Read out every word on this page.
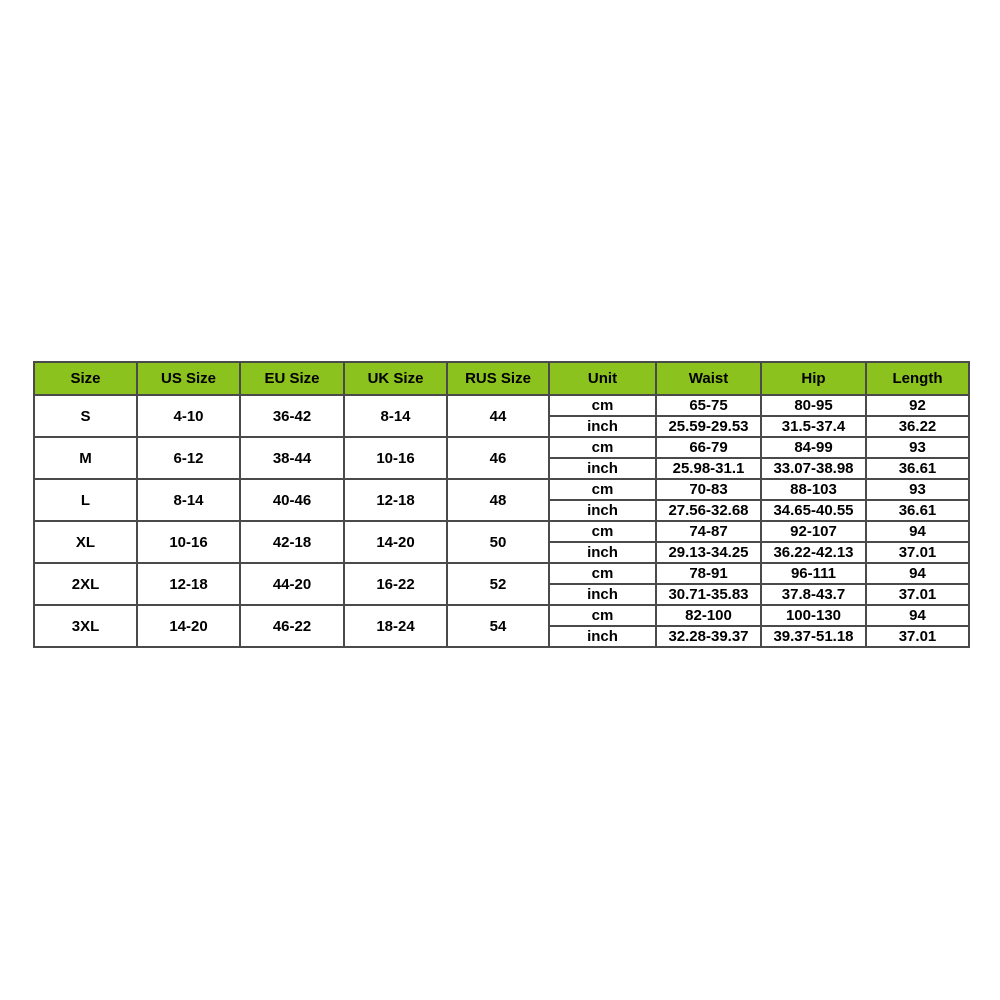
Size	US Size	EU Size	UK Size	RUS Size	Unit	Waist	Hip	Length
S	4-10	36-42	8-14	44	cm	65-75	80-95	92
					inch	25.59-29.53	31.5-37.4	36.22
M	6-12	38-44	10-16	46	cm	66-79	84-99	93
					inch	25.98-31.1	33.07-38.98	36.61
L	8-14	40-46	12-18	48	cm	70-83	88-103	93
					inch	27.56-32.68	34.65-40.55	36.61
XL	10-16	42-18	14-20	50	cm	74-87	92-107	94
					inch	29.13-34.25	36.22-42.13	37.01
2XL	12-18	44-20	16-22	52	cm	78-91	96-111	94
					inch	30.71-35.83	37.8-43.7	37.01
3XL	14-20	46-22	18-24	54	cm	82-100	100-130	94
					inch	32.28-39.37	39.37-51.18	37.01
